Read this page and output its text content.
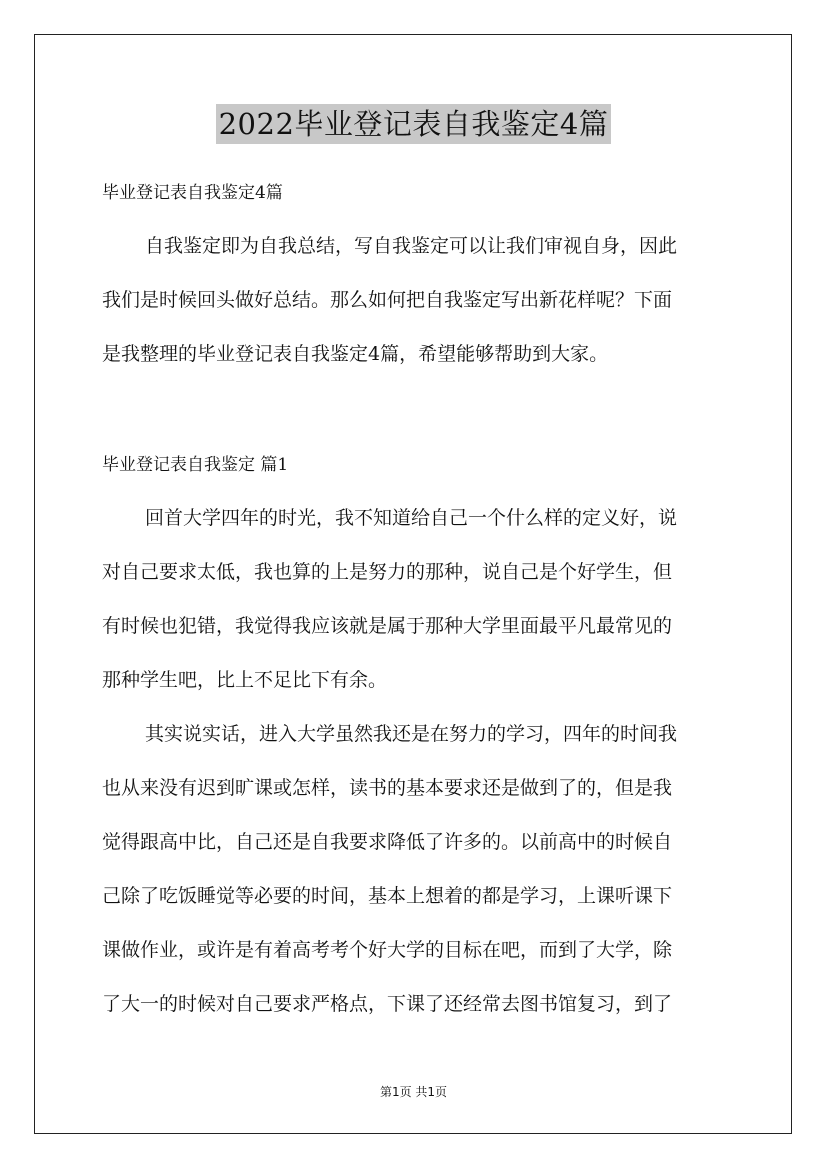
2022毕业登记表自我鉴定4篇

毕业登记表自我鉴定4篇

自我鉴定即为自我总结，写自我鉴定可以让我们审视自身，因此

我们是时候回头做好总结。那么如何把自我鉴定写出新花样呢？下面

是我整理的毕业登记表自我鉴定4篇，希望能够帮助到大家。

毕业登记表自我鉴定 篇1

回首大学四年的时光，我不知道给自己一个什么样的定义好，说

对自己要求太低，我也算的上是努力的那种，说自己是个好学生，但

有时候也犯错，我觉得我应该就是属于那种大学里面最平凡最常见的

那种学生吧，比上不足比下有余。

其实说实话，进入大学虽然我还是在努力的学习，四年的时间我

也从来没有迟到旷课或怎样，读书的基本要求还是做到了的，但是我

觉得跟高中比，自己还是自我要求降低了许多的。以前高中的时候自

己除了吃饭睡觉等必要的时间，基本上想着的都是学习，上课听课下

课做作业，或许是有着高考考个好大学的目标在吧，而到了大学，除

了大一的时候对自己要求严格点，下课了还经常去图书馆复习，到了

第1页 共1页
